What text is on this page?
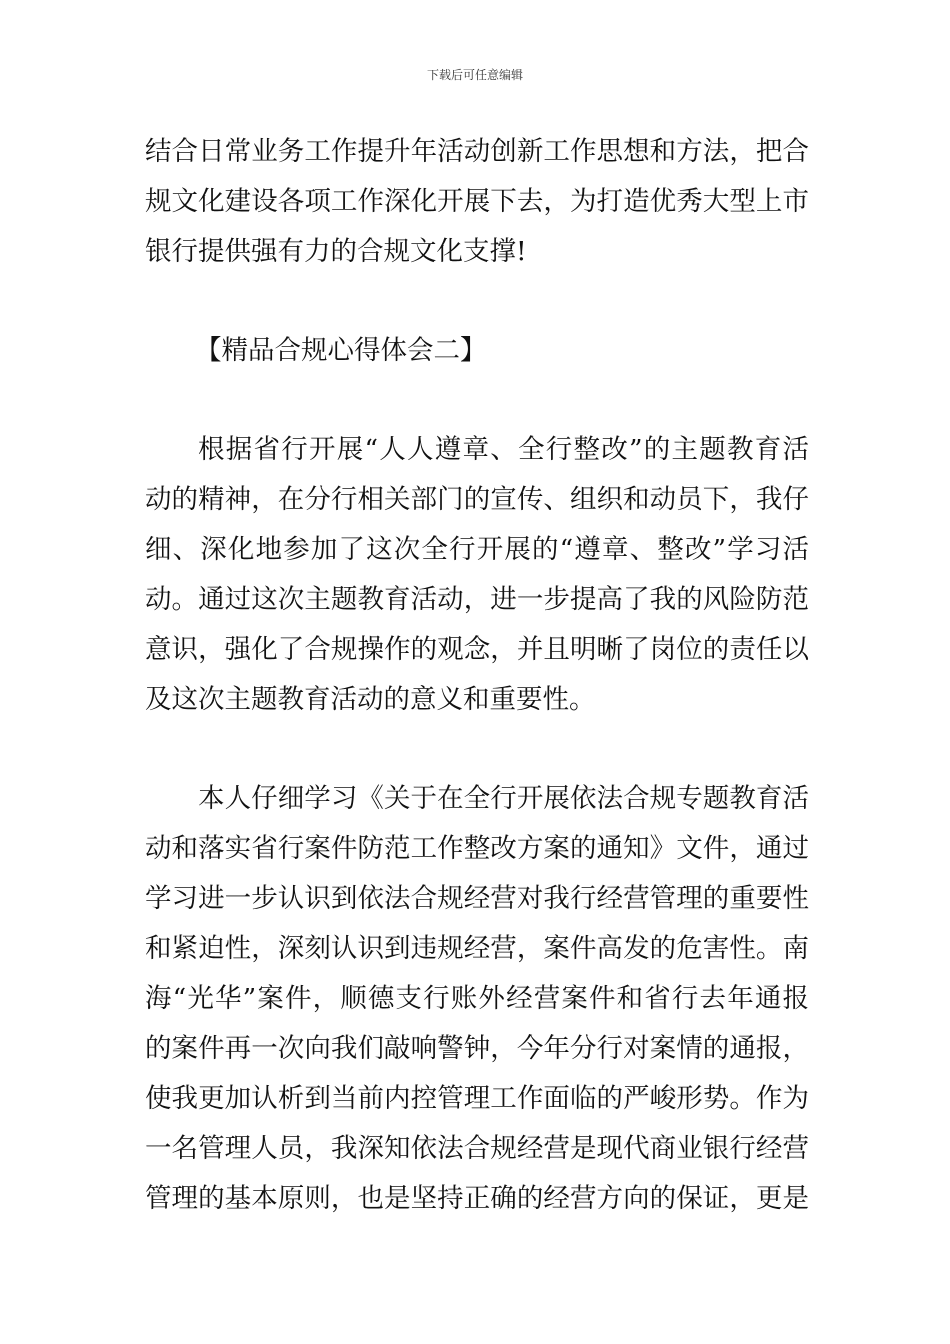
下载后可任意编辑
结合日常业务工作提升年活动创新工作思想和方法，把合
规文化建设各项工作深化开展下去，为打造优秀大型上市
银行提供强有力的合规文化支撑!
【精品合规心得体会二】
根据省行开展“人人遵章、全行整改”的主题教育活
动的精神，在分行相关部门的宣传、组织和动员下，我仔
细、深化地参加了这次全行开展的“遵章、整改”学习活
动。通过这次主题教育活动，进一步提高了我的风险防范
意识，强化了合规操作的观念，并且明晰了岗位的责任以
及这次主题教育活动的意义和重要性。
本人仔细学习《关于在全行开展依法合规专题教育活
动和落实省行案件防范工作整改方案的通知》文件，通过
学习进一步认识到依法合规经营对我行经营管理的重要性
和紧迫性，深刻认识到违规经营，案件高发的危害性。南
海“光华”案件，顺德支行账外经营案件和省行去年通报
的案件再一次向我们敲响警钟，今年分行对案情的通报，
使我更加认析到当前内控管理工作面临的严峻形势。作为
一名管理人员，我深知依法合规经营是现代商业银行经营
管理的基本原则，也是坚持正确的经营方向的保证，更是
